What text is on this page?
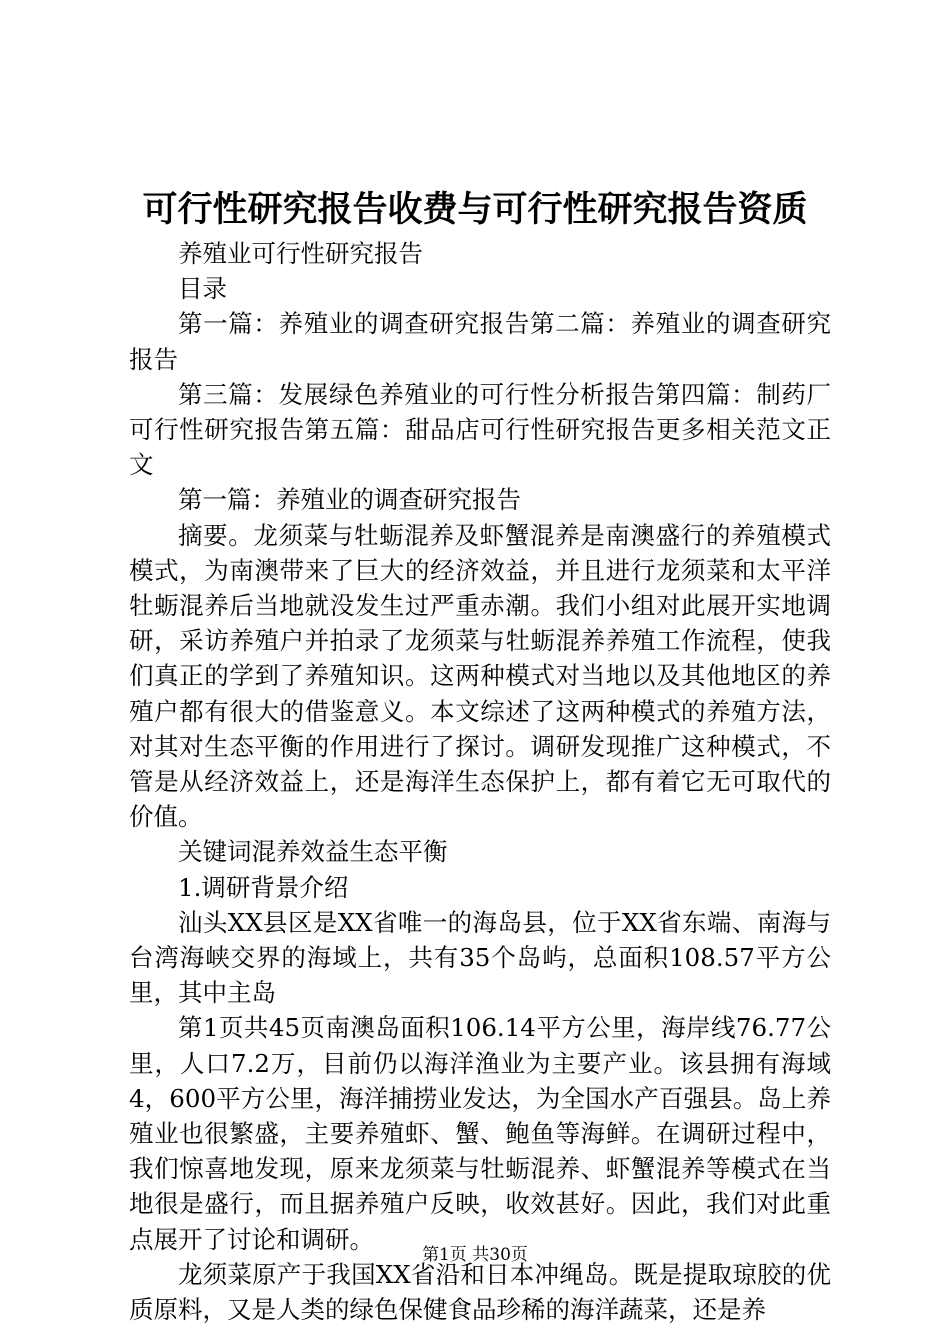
可行性研究报告收费与可行性研究报告资质

养殖业可行性研究报告

目录

第一篇：养殖业的调查研究报告第二篇：养殖业的调查研究报告

第三篇：发展绿色养殖业的可行性分析报告第四篇：制药厂可行性研究报告第五篇：甜品店可行性研究报告更多相关范文正文

第一篇：养殖业的调查研究报告

摘要。龙须菜与牡蛎混养及虾蟹混养是南澳盛行的养殖模式模式，为南澳带来了巨大的经济效益，并且进行龙须菜和太平洋牡蛎混养后当地就没发生过严重赤潮。我们小组对此展开实地调研，采访养殖户并拍录了龙须菜与牡蛎混养养殖工作流程，使我们真正的学到了养殖知识。这两种模式对当地以及其他地区的养殖户都有很大的借鉴意义。本文综述了这两种模式的养殖方法，对其对生态平衡的作用进行了探讨。调研发现推广这种模式，不管是从经济效益上，还是海洋生态保护上，都有着它无可取代的价值。

关键词混养效益生态平衡

1.调研背景介绍

汕头XX县区是XX省唯一的海岛县，位于XX省东端、南海与台湾海峡交界的海域上，共有35个岛屿，总面积108.57平方公里，其中主岛

第1页共45页南澳岛面积106.14平方公里，海岸线76.77公里，人口7.2万，目前仍以海洋渔业为主要产业。该县拥有海域4，600平方公里，海洋捕捞业发达，为全国水产百强县。岛上养殖业也很繁盛，主要养殖虾、蟹、鲍鱼等海鲜。在调研过程中，我们惊喜地发现，原来龙须菜与牡蛎混养、虾蟹混养等模式在当地很是盛行，而且据养殖户反映，收效甚好。因此，我们对此重点展开了讨论和调研。

龙须菜原产于我国XX省沿和日本冲绳岛。既是提取琼胶的优质原料，又是人类的绿色保健食品珍稀的海洋蔬菜，还是养

第1页 共30页
